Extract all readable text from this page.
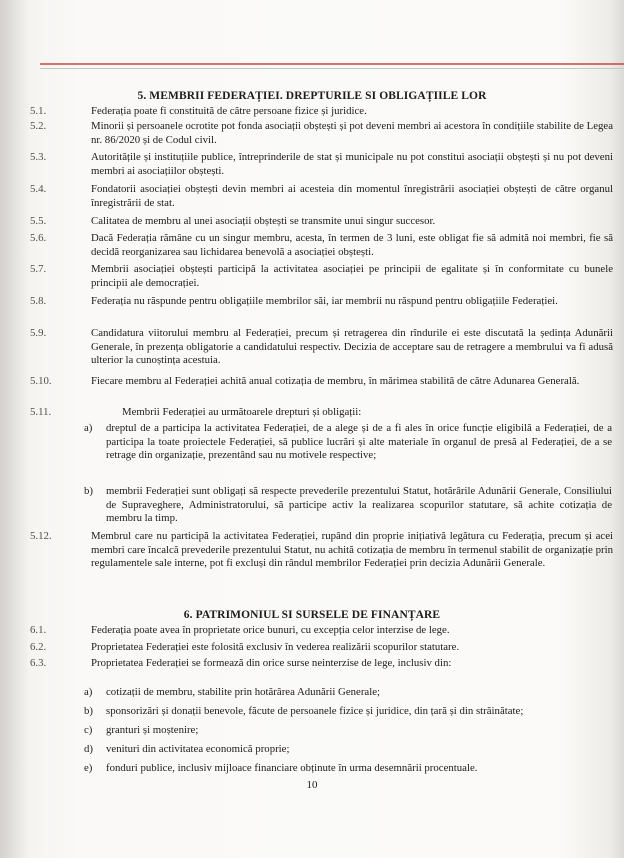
5. MEMBRII FEDERAȚIEI. DREPTURILE SI OBLIGAȚIILE LOR
5.1.	Federația poate fi constituită de către persoane fizice și juridice.
5.2.	Minorii și persoanele ocrotite pot fonda asociații obștești și pot deveni membri ai acestora în condițiile stabilite de Legea nr. 86/2020 și de Codul civil.
5.3.	Autoritățile și instituțiile publice, întreprinderile de stat și municipale nu pot constitui asociații obștești și nu pot deveni membri ai asociațiilor obștești.
5.4.	Fondatorii asociației obștești devin membri ai acesteia din momentul înregistrării asociației obștești de către organul înregistrării de stat.
5.5.	Calitatea de membru al unei asociații obștești se transmite unui singur succesor.
5.6.	Dacă Federația rămâne cu un singur membru, acesta, în termen de 3 luni, este obligat fie să admită noi membri, fie să decidă reorganizarea sau lichidarea benevolă a asociației obștești.
5.7.	Membrii asociației obștești participă la activitatea asociației pe principii de egalitate și în conformitate cu bunele principii ale democrației.
5.8.	Federația nu răspunde pentru obligațiile membrilor săi, iar membrii nu răspund pentru obligațiile Federației.
5.9.	Candidatura viitorului membru al Federației, precum și retragerea din rîndurile ei este discutată la ședința Adunării Generale, în prezența obligatorie a candidatului respectiv. Decizia de acceptare sau de retragere a membrului va fi adusă ulterior la cunoștința acestuia.
5.10.	Fiecare membru al Federației achită anual cotizația de membru, în mărimea stabilită de către Adunarea Generală.
5.11.	Membrii Federației au următoarele drepturi și obligații:
a) dreptul de a participa la activitatea Federației, de a alege și de a fi ales în orice funcție eligibilă a Federației, de a participa la toate proiectele Federației, să publice lucrări și alte materiale în organul de presă al Federației, de a se retrage din organizație, prezentând sau nu motivele respective;
b) membrii Federației sunt obligați să respecte prevederile prezentului Statut, hotărârile Adunării Generale, Consiliului de Supraveghere, Administratorului, să participe activ la realizarea scopurilor statutare, să achite cotizația de membru la timp.
5.12.	Membrul care nu participă la activitatea Federației, rupând din proprie inițiativă legătura cu Federația, precum și acei membri care încalcă prevederile prezentului Statut, nu achită cotizația de membru în termenul stabilit de organizație prin regulamentele sale interne, pot fi excluși din rândul membrilor Federației prin decizia Adunării Generale.
6. PATRIMONIUL SI SURSELE DE FINANȚARE
6.1.	Federația poate avea în proprietate orice bunuri, cu excepția celor interzise de lege.
6.2.	Proprietatea Federației este folosită exclusiv în vederea realizării scopurilor statutare.
6.3.	Proprietatea Federației se formează din orice surse neinterzise de lege, inclusiv din:
a) cotizații de membru, stabilite prin hotărârea Adunării Generale;
b) sponsorizări și donații benevole, făcute de persoanele fizice și juridice, din țară și din străinătate;
c) granturi și moștenire;
d) venituri din activitatea economică proprie;
e) fonduri publice, inclusiv mijloace financiare obținute în urma desemnării procentuale.
10
